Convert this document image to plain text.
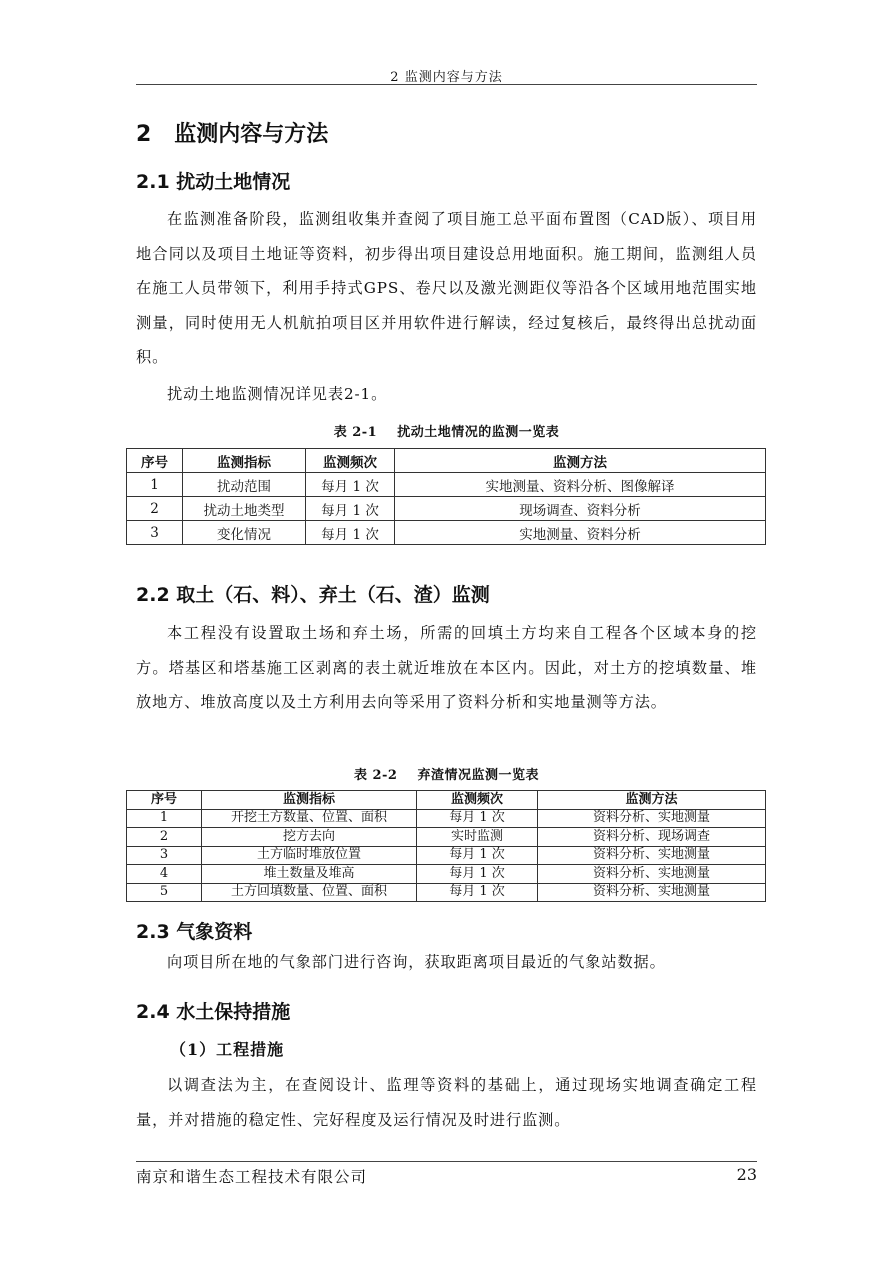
2 监测内容与方法
2   监测内容与方法
2.1 扰动土地情况
在监测准备阶段，监测组收集并查阅了项目施工总平面布置图（CAD版）、项目用地合同以及项目土地证等资料，初步得出项目建设总用地面积。施工期间，监测组人员在施工人员带领下，利用手持式GPS、卷尺以及激光测距仪等沿各个区域用地范围实地测量，同时使用无人机航拍项目区并用软件进行解读，经过复核后，最终得出总扰动面积。
扰动土地监测情况详见表2-1。
表 2-1    扰动土地情况的监测一览表
序号	监测指标	监测频次	监测方法
1	扰动范围	每月 1 次	实地测量、资料分析、图像解译
2	扰动土地类型	每月 1 次	现场调查、资料分析
3	变化情况	每月 1 次	实地测量、资料分析
2.2 取土（石、料）、弃土（石、渣）监测
本工程没有设置取土场和弃土场，所需的回填土方均来自工程各个区域本身的挖方。塔基区和塔基施工区剥离的表土就近堆放在本区内。因此，对土方的挖填数量、堆放地方、堆放高度以及土方利用去向等采用了资料分析和实地量测等方法。
表 2-2    弃渣情况监测一览表
序号	监测指标	监测频次	监测方法
1	开挖土方数量、位置、面积	每月 1 次	资料分析、实地测量
2	挖方去向	实时监测	资料分析、现场调查
3	土方临时堆放位置	每月 1 次	资料分析、实地测量
4	堆土数量及堆高	每月 1 次	资料分析、实地测量
5	土方回填数量、位置、面积	每月 1 次	资料分析、实地测量
2.3 气象资料
向项目所在地的气象部门进行咨询，获取距离项目最近的气象站数据。
2.4 水土保持措施
（1）工程措施
以调查法为主，在查阅设计、监理等资料的基础上，通过现场实地调查确定工程量，并对措施的稳定性、完好程度及运行情况及时进行监测。
南京和谐生态工程技术有限公司	23
